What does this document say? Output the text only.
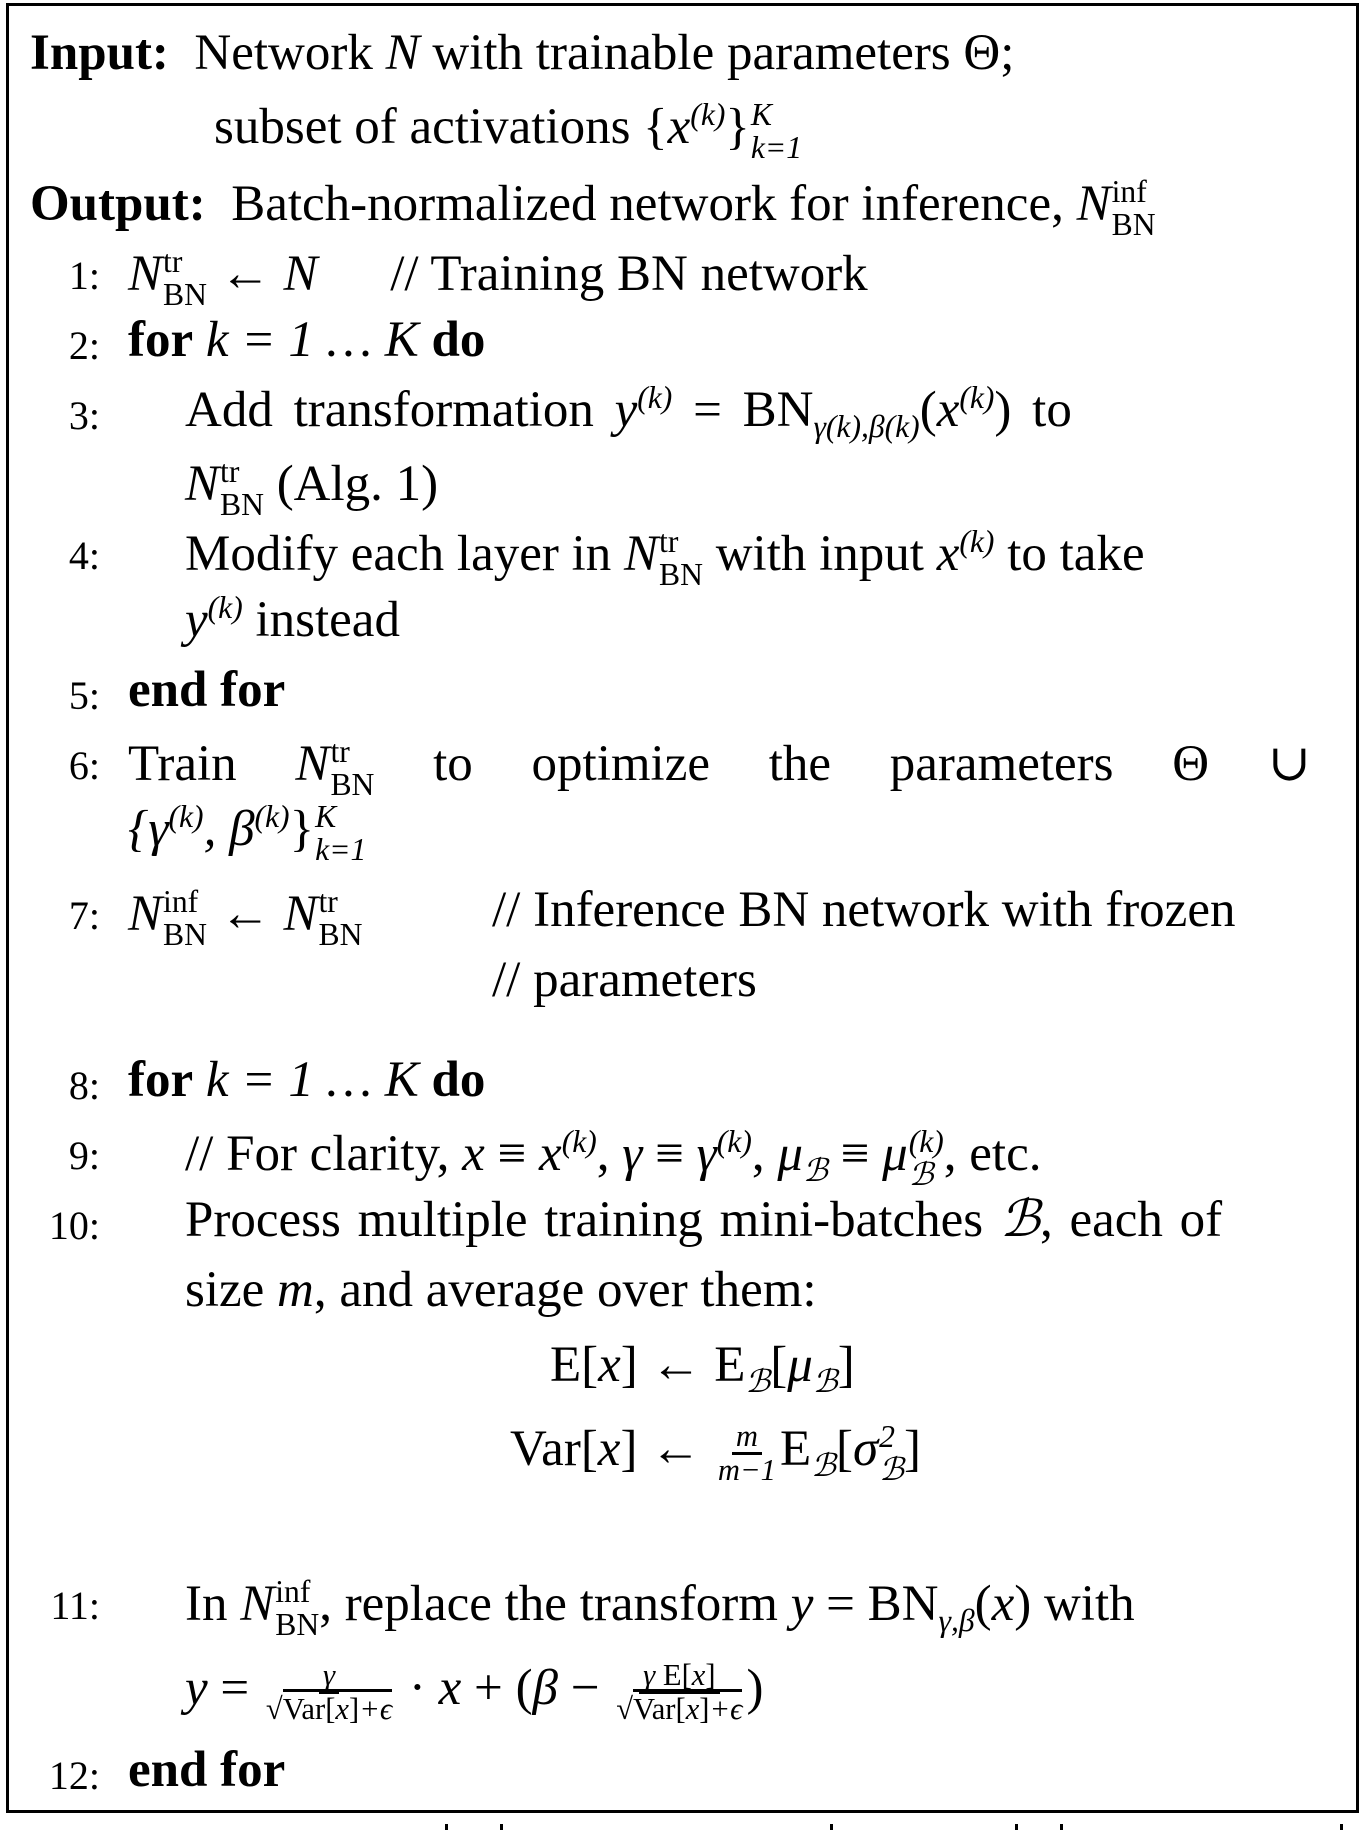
Input: Network N with trainable parameters Θ;
subset of activations $\{x^{(k)}\}$ K
k=1
Output: Batch-normalized network for inference, N inf
BN
1: N tr
BN ← N // Training BN network
2: for k = 1 … K do
3: Add transformation $y^{(k)} = BN_{\gamma(k),\beta(k)}(x^{(k)})$ to
N tr
BN (Alg. 1)
4: Modify each layer in N tr
BN with input $x^{(k)}$ to take
$y^{(k)}$ instead
5: end for
6: Train N tr
BN to optimize the parameters Θ ∪
{$\gamma^{(k)}$, $\beta^{(k)}$} K
k=1
7: N inf
BN ← N tr
BN	// Inference BN network with frozen
// parameters
8: for k = 1 … K do
9: // For clarity, $x \equiv x^{(k)}$, $\gamma \equiv \gamma^{(k)}$, $\mu_ℬ \equiv \mu$ (k)
ℬ , etc.
10: Process multiple training mini-batches ℬ, each of
size m, and average over them:
E[x] ← $E_ℬ[\mu_ℬ]$
Var[x] ← $\frac{m}{m-1} E_ℬ[\sigma$ 2
ℬ ]
11: In N inf
BN , replace the transform $y = BN_{\gamma,\beta}(x)$ with
$y = \frac{\gamma}{\text{√Var[x]+ϵ}} \cdot x + (\beta - \frac{\text{γ E[x]}}{\text{√Var[x]+ϵ}}$ )
12: end for
